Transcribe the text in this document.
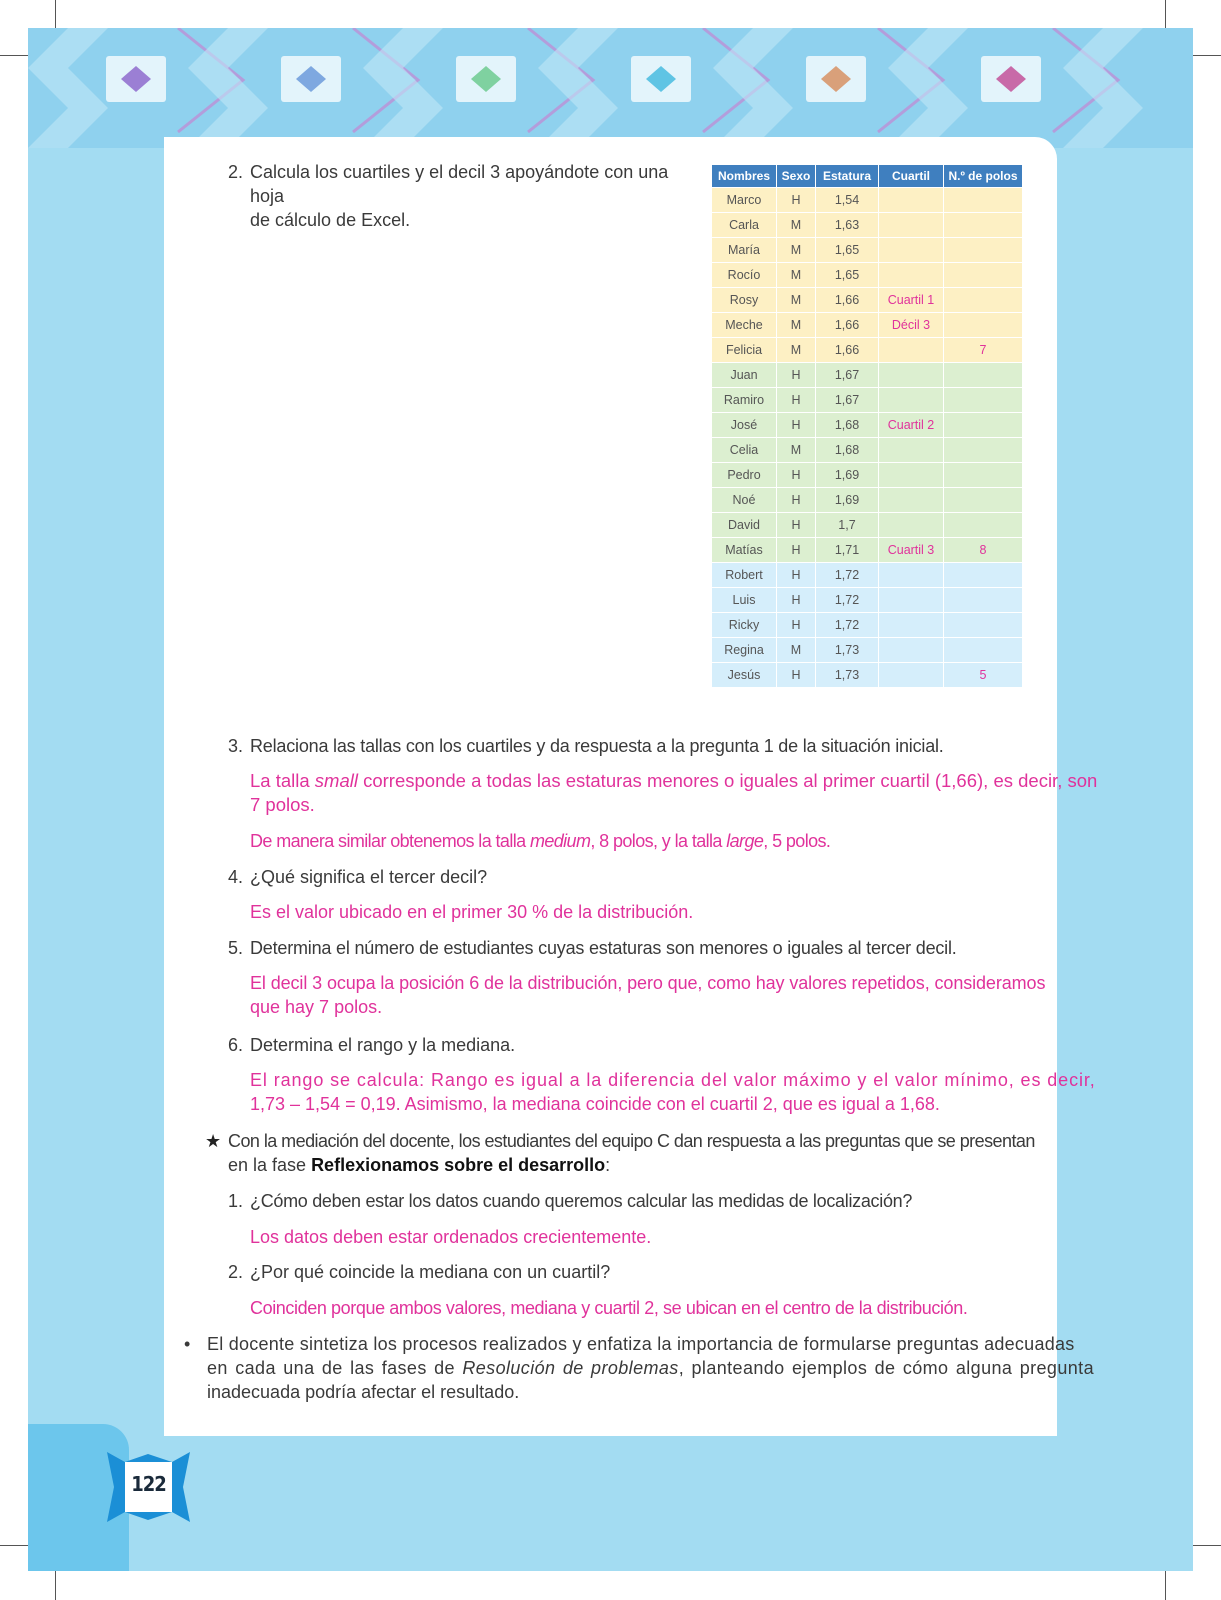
122
2. Calcula los cuartiles y el decil 3 apoyándote con una hoja
de cálculo de Excel.
Nombres	Sexo	Estatura	Cuartil	N.º de polos
Marco	H	1,54		
Carla	M	1,63		
María	M	1,65		
Rocío	M	1,65		
Rosy	M	1,66	Cuartil 1	
Meche	M	1,66	Décil 3	
Felicia	M	1,66		7
Juan	H	1,67		
Ramiro	H	1,67		
José	H	1,68	Cuartil 2	
Celia	M	1,68		
Pedro	H	1,69		
Noé	H	1,69		
David	H	1,7		
Matías	H	1,71	Cuartil 3	8
Robert	H	1,72		
Luis	H	1,72		
Ricky	H	1,72		
Regina	M	1,73		
Jesús	H	1,73		5
3. Relaciona las tallas con los cuartiles y da respuesta a la pregunta 1 de la situación inicial.
La talla small corresponde a todas las estaturas menores o iguales al primer cuartil (1,66), es decir, son
7 polos.
De manera similar obtenemos la talla medium, 8 polos, y la talla large, 5 polos.
4. ¿Qué significa el tercer decil?
Es el valor ubicado en el primer 30 % de la distribución.
5. Determina el número de estudiantes cuyas estaturas son menores o iguales al tercer decil.
El decil 3 ocupa la posición 6 de la distribución, pero que, como hay valores repetidos, consideramos
que hay 7 polos.
6. Determina el rango y la mediana.
El rango se calcula: Rango es igual a la diferencia del valor máximo y el valor mínimo, es decir,
1,73 – 1,54 = 0,19. Asimismo, la mediana coincide con el cuartil 2, que es igual a 1,68.
★ Con la mediación del docente, los estudiantes del equipo C dan respuesta a las preguntas que se presentan
en la fase Reflexionamos sobre el desarrollo:
1. ¿Cómo deben estar los datos cuando queremos calcular las medidas de localización?
Los datos deben estar ordenados crecientemente.
2. ¿Por qué coincide la mediana con un cuartil?
Coinciden porque ambos valores, mediana y cuartil 2, se ubican en el centro de la distribución.
• El docente sintetiza los procesos realizados y enfatiza la importancia de formularse preguntas adecuadas
en cada una de las fases de Resolución de problemas, planteando ejemplos de cómo alguna pregunta
inadecuada podría afectar el resultado.
